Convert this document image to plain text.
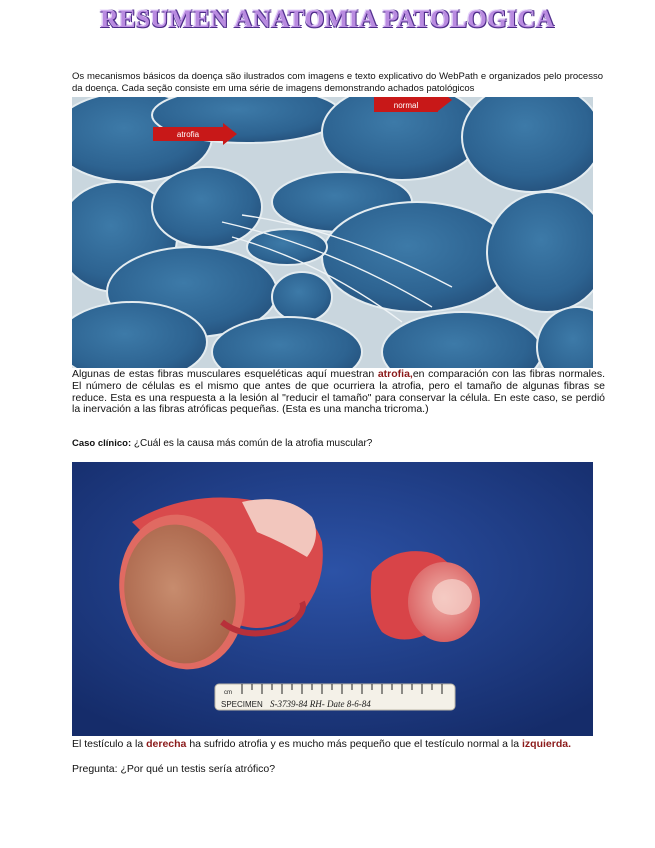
RESUMEN ANATOMIA PATOLOGICA
Os mecanismos básicos da doença são ilustrados com imagens e texto explicativo do WebPath e organizados pelo processo da doença. Cada seção consiste em uma série de imagens demonstrando achados patológicos
atrofia
normal
Algunas de estas fibras musculares esqueléticas aquí muestran atrofia,en comparación con las fibras normales. El número de células es el mismo que antes de que ocurriera la atrofia, pero el tamaño de algunas fibras se reduce. Esta es una respuesta a la lesión al "reducir el tamaño" para conservar la célula. En este caso, se perdió la inervación a las fibras atróficas pequeñas. (Esta es una mancha tricroma.)
Caso clínico: ¿Cuál es la causa más común de la atrofia muscular?
cm
SPECIMEN S-3739-84 RH- Date 8-6-84
El testículo a la derecha ha sufrido atrofia y es mucho más pequeño que el testículo normal a la izquierda.
Pregunta: ¿Por qué un testis sería atrófico?
